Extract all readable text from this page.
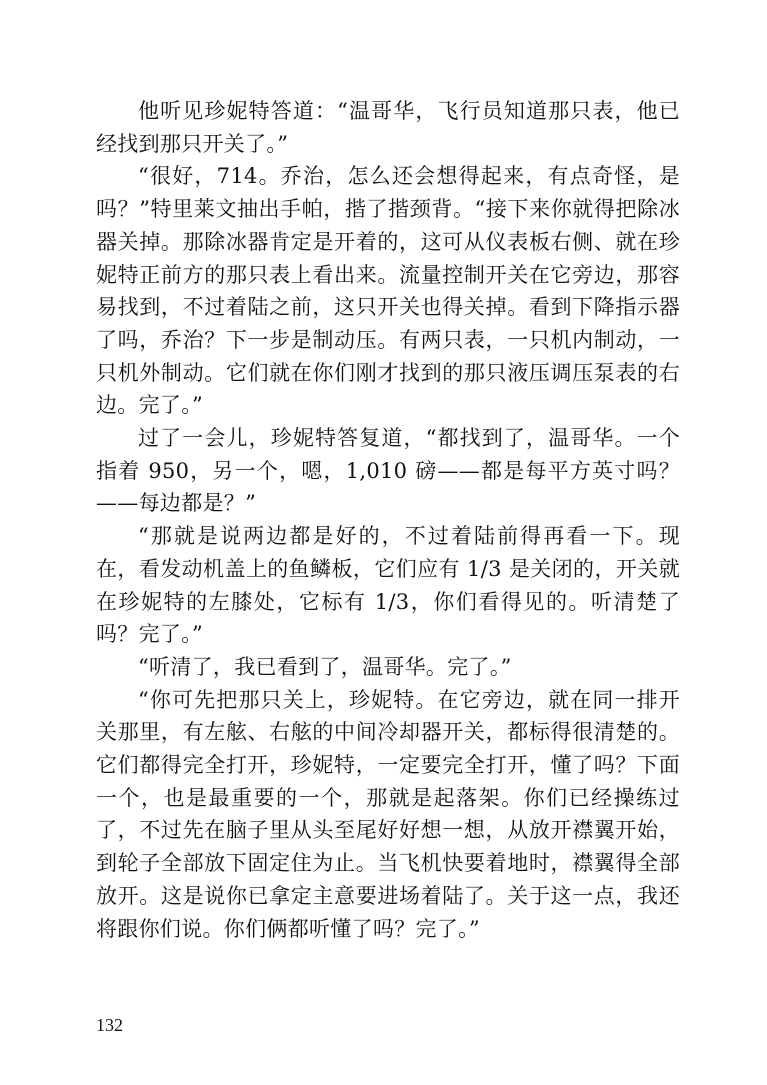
他听见珍妮特答道：“温哥华，飞行员知道那只表，他已经找到那只开关了。”

“很好，714。乔治，怎么还会想得起来，有点奇怪，是吗？”特里莱文抽出手帕，揩了揩颈背。“接下来你就得把除冰器关掉。那除冰器肯定是开着的，这可从仪表板右侧、就在珍妮特正前方的那只表上看出来。流量控制开关在它旁边，那容易找到，不过着陆之前，这只开关也得关掉。看到下降指示器了吗，乔治？下一步是制动压。有两只表，一只机内制动，一只机外制动。它们就在你们刚才找到的那只液压调压泵表的右边。完了。”

过了一会儿，珍妮特答复道，“都找到了，温哥华。一个指着 950，另一个，嗯，1,010 磅——都是每平方英寸吗？——每边都是？”

“那就是说两边都是好的，不过着陆前得再看一下。现在，看发动机盖上的鱼鳞板，它们应有 1/3 是关闭的，开关就在珍妮特的左膝处，它标有 1/3，你们看得见的。听清楚了吗？完了。”

“听清了，我已看到了，温哥华。完了。”

“你可先把那只关上，珍妮特。在它旁边，就在同一排开关那里，有左舷、右舷的中间冷却器开关，都标得很清楚的。它们都得完全打开，珍妮特，一定要完全打开，懂了吗？下面一个，也是最重要的一个，那就是起落架。你们已经操练过了，不过先在脑子里从头至尾好好想一想，从放开襟翼开始，到轮子全部放下固定住为止。当飞机快要着地时，襟翼得全部放开。这是说你已拿定主意要进场着陆了。关于这一点，我还将跟你们说。你们俩都听懂了吗？完了。”

132
